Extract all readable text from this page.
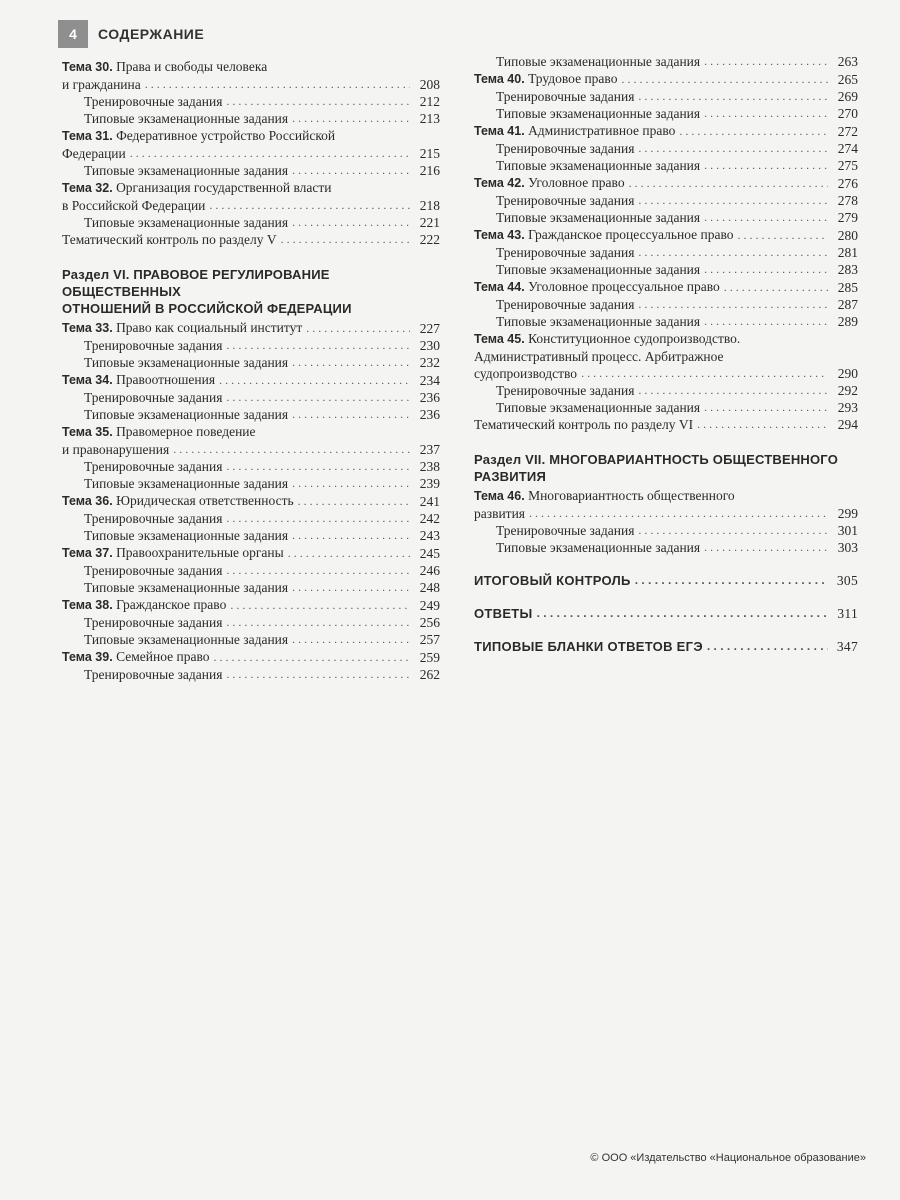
4	СОДЕРЖАНИЕ
Тема 30. Права и свободы человека
и гражданина . . .	208
Тренировочные задания . . .	212
Типовые экзаменационные задания . . .	213
Тема 31. Федеративное устройство Российской
Федерации . . .	215
Типовые экзаменационные задания . . .	216
Тема 32. Организация государственной власти
в Российской Федерации . . .	218
Типовые экзаменационные задания . . .	221
Тематический контроль по разделу V . . .	222
Раздел VI. ПРАВОВОЕ РЕГУЛИРОВАНИЕ ОБЩЕСТВЕННЫХ
ОТНОШЕНИЙ В РОССИЙСКОЙ ФЕДЕРАЦИИ
Тема 33. Право как социальный институт . . .	227
Тренировочные задания . . .	230
Типовые экзаменационные задания . . .	232
Тема 34. Правоотношения . . .	234
Тренировочные задания . . .	236
Типовые экзаменационные задания . . .	236
Тема 35. Правомерное поведение
и правонарушения . . .	237
Тренировочные задания . . .	238
Типовые экзаменационные задания . . .	239
Тема 36. Юридическая ответственность . . .	241
Тренировочные задания . . .	242
Типовые экзаменационные задания . . .	243
Тема 37. Правоохранительные органы . . .	245
Тренировочные задания . . .	246
Типовые экзаменационные задания . . .	248
Тема 38. Гражданское право . . .	249
Тренировочные задания . . .	256
Типовые экзаменационные задания . . .	257
Тема 39. Семейное право . . .	259
Тренировочные задания . . .	262
Типовые экзаменационные задания . . .	263
Тема 40. Трудовое право . . .	265
Тренировочные задания . . .	269
Типовые экзаменационные задания . . .	270
Тема 41. Административное право . . .	272
Тренировочные задания . . .	274
Типовые экзаменационные задания . . .	275
Тема 42. Уголовное право . . .	276
Тренировочные задания . . .	278
Типовые экзаменационные задания . . .	279
Тема 43. Гражданское процессуальное право . . .	280
Тренировочные задания . . .	281
Типовые экзаменационные задания . . .	283
Тема 44. Уголовное процессуальное право . . .	285
Тренировочные задания . . .	287
Типовые экзаменационные задания . . .	289
Тема 45. Конституционное судопроизводство.
Административный процесс. Арбитражное
судопроизводство . . .	290
Тренировочные задания . . .	292
Типовые экзаменационные задания . . .	293
Тематический контроль по разделу VI . . .	294
Раздел VII. МНОГОВАРИАНТНОСТЬ ОБЩЕСТВЕННОГО
РАЗВИТИЯ
Тема 46. Многовариантность общественного
развития . . .	299
Тренировочные задания . . .	301
Типовые экзаменационные задания . . .	303
ИТОГОВЫЙ КОНТРОЛЬ . . .	305
ОТВЕТЫ . . .	311
ТИПОВЫЕ БЛАНКИ ОТВЕТОВ ЕГЭ . . .	347
© ООО «Издательство «Национальное образование»
